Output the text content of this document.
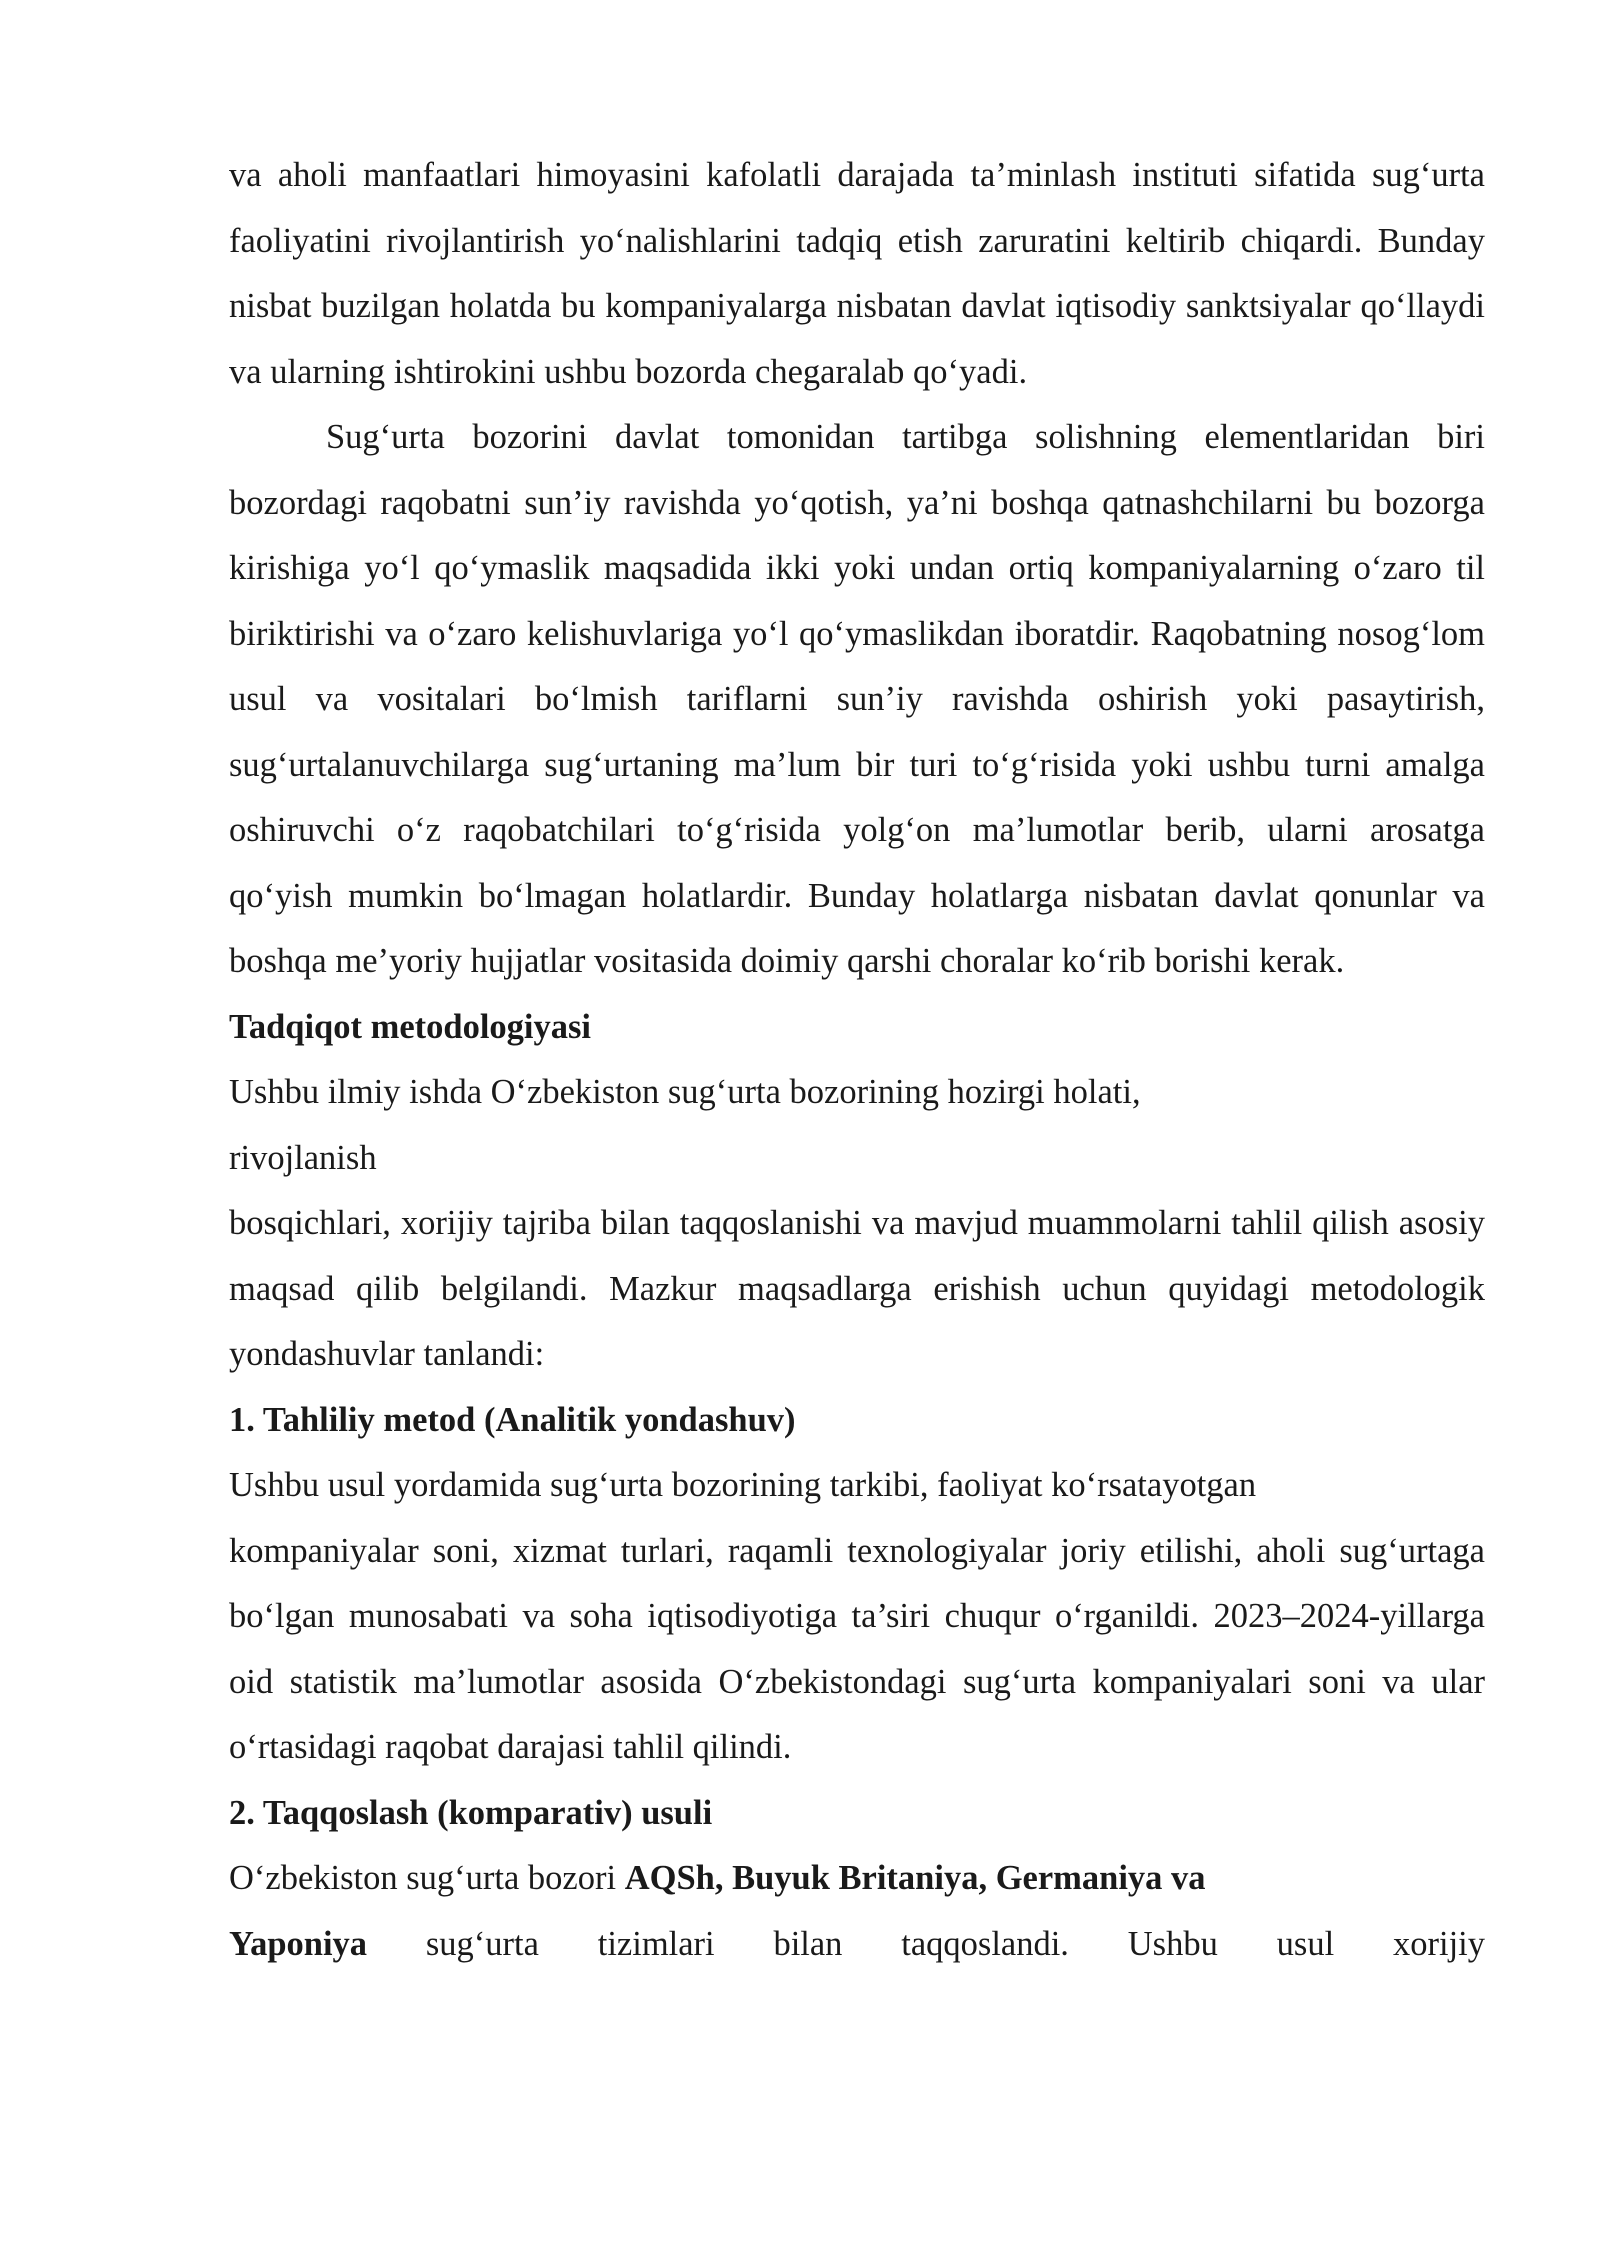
va aholi manfaatlari himoyasini kafolatli darajada ta’minlash instituti sifatida sug‘urta faoliyatini rivojlantirish yo‘nalishlarini tadqiq etish zaruratini keltirib chiqardi. Bunday nisbat buzilgan holatda bu kompaniyalarga nisbatan davlat iqtisodiy sanktsiyalar qo‘llaydi va ularning ishtirokini ushbu bozorda chegaralab qo‘yadi.

Sug‘urta bozorini davlat tomonidan tartibga solishning elementlaridan biri bozordagi raqobatni sun’iy ravishda yo‘qotish, ya’ni boshqa qatnashchilarni bu bozorga kirishiga yo‘l qo‘ymaslik maqsadida ikki yoki undan ortiq kompaniyalarning o‘zaro til biriktirishi va o‘zaro kelishuvlariga yo‘l qo‘ymaslikdan iboratdir. Raqobatning nosog‘lom usul va vositalari bo‘lmish tariflarni sun’iy ravishda oshirish yoki pasaytirish, sug‘urtalanuvchilarga sug‘urtaning ma’lum bir turi to‘g‘risida yoki ushbu turni amalga oshiruvchi o‘z raqobatchilari to‘g‘risida yolg‘on ma’lumotlar berib, ularni arosatga qo‘yish mumkin bo‘lmagan holatlardir. Bunday holatlarga nisbatan davlat qonunlar va boshqa me’yoriy hujjatlar vositasida doimiy qarshi choralar ko‘rib borishi kerak.

Tadqiqot metodologiyasi

Ushbu ilmiy ishda O‘zbekiston sug‘urta bozorining hozirgi holati,

rivojlanish

bosqichlari, xorijiy tajriba bilan taqqoslanishi va mavjud muammolarni tahlil qilish asosiy maqsad qilib belgilandi. Mazkur maqsadlarga erishish uchun quyidagi metodologik yondashuvlar tanlandi:

1. Tahliliy metod (Analitik yondashuv)

Ushbu usul yordamida sug‘urta bozorining tarkibi, faoliyat ko‘rsatayotgan

kompaniyalar soni, xizmat turlari, raqamli texnologiyalar joriy etilishi, aholi sug‘urtaga bo‘lgan munosabati va soha iqtisodiyotiga ta’siri chuqur o‘rganildi. 2023–2024-yillarga oid statistik ma’lumotlar asosida O‘zbekistondagi sug‘urta kompaniyalari soni va ular o‘rtasidagi raqobat darajasi tahlil qilindi.

2. Taqqoslash (komparativ) usuli

O‘zbekiston sug‘urta bozori AQSh, Buyuk Britaniya, Germaniya va

Yaponiya sug‘urta tizimlari bilan taqqoslandi. Ushbu usul xorijiy
